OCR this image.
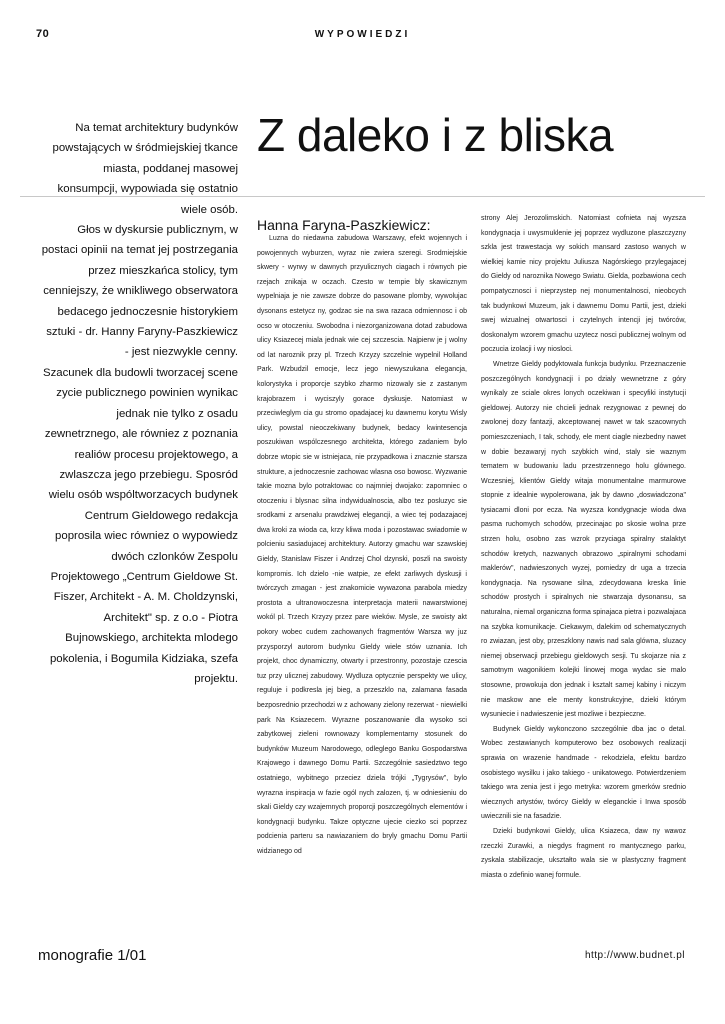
70	WYPOWIEDZI

Na temat architektury budynków powstających w śródmiejskiej tkance miasta, poddanej masowej konsumpcji, wypowiada się ostatnio wiele osób.

Głos w dyskursie publicznym, w postaci opinii na temat jej postrzegania przez mieszkańca stolicy, tym cenniejszy, że wnikliwego obserwatora bedacego jednoczesnie historykiem sztuki - dr. Hanny Faryny-Paszkiewicz - jest niezwykle cenny.

Szacunek dla budowli tworzacej scene zycie publicznego powinien wynikac jednak nie tylko z osadu zewnetrznego, ale równiez z poznania realiów procesu projektowego, a zwlaszcza jego przebiegu. Sposród wielu osób wspóltworzacych budynek Centrum Gieldowego redakcja poprosila wiec równiez o wypowiedz dwóch czlonków Zespolu Projektowego „Centrum Gieldowe St. Fiszer, Architekt - A. M. Choldzynski, Architekt" sp. z o.o - Piotra Bujnowskiego, architekta mlodego pokolenia, i Bogumila Kidziaka, szefa projektu.

Z daleko i z bliska
Hanna Faryna-Paszkiewicz:

Luzna do niedawna zabudowa Warszawy, efekt wojennych i powojennych wyburzen, wyraz nie zwiera szeregi. Srodmiejskie skwery - wyrwy w dawnych przyulicznych ciagach i równych pie rzejach znikaja w oczach. Czesto w tempie bly skawicznym wypelniaja je nie zawsze dobrze do pasowane plomby, wywolujac dysonans estetycz ny, godzac sie na swa razaca odmiennosc i ob ocso w otoczeniu. Swobodna i niezorganizowana dotad zabudowa ulicy Ksiazecej miala jednak wie cej szczescia. Najpierw je j wolny od lat naroznik przy pl. Trzech Krzyzy szczelnie wypelnil Holland Park. Wzbudzil emocje, lecz jego niewyszukana elegancja, kolorystyka i proporcje szybko zharmo nizowaly sie z zastanym krajobrazem i wyciszyly gorace dyskusje. Natomiast w przeciwleglym cia gu stromo opadajacej ku dawnemu korytu Wisly ulicy, powstal nieoczekiwany budynek, bedacy kwintesencja poszukiwan wspólczesnego architekta, którego zadaniem bylo dobrze wtopic sie w istniejaca, nie przypadkowa i znacznie starsza strukture, a jednoczesnie zachowac wlasna oso bowosc. Wyzwanie takie mozna bylo potraktowac co najmniej dwojako: zapomniec o otoczeniu i blysnac silna indywidualnoscia, albo tez posluzyc sie srodkami z arsenalu prawdziwej elegancji, a wiec tej podazajacej dwa kroki za wioda ca, krzy kliwa moda i pozostawac swiadomie w polcieniu sasiadujacej architektury. Autorzy gmachu war szawskiej Gieldy, Stanislaw Fiszer i Andrzej Chol dzynski, poszli na swoisty kompromis. Ich dzielo -nie watpie, ze efekt zarliwych dyskusji i twórczych zmagan - jest znakomicie wywazona parabola miedzy prostota a ultranowoczesna interpretacja materii nawarstwionej wokól pl. Trzech Krzyzy przez pare wieków. Mysle, ze swoisty akt pokory wobec cudem zachowanych fragmentów Warsza wy juz przysporzyl autorom budynku Gieldy wiele stów uznania. Ich projekt, choc dynamiczny, otwarty i przestronny, pozostaje czescia tuz przy ulicznej zabudowy. Wydluza optycznie perspekty we ulicy, reguluje i podkresla jej bieg, a przeszklo na, zalamana fasada bezposrednio przechodzi w z achowany zielony rezerwat - niewielki park Na Ksiazecem. Wyrazne poszanowanie dla wysoko sci zabytkowej zieleni rownowazy komplementarny stosunek do budynków Muzeum Narodowego, odleglego Banku Gospodarstwa Krajowego i dawnego Domu Partii. Szczególnie sasiedztwo tego ostatniego, wybitnego przeciez dziela trójki „Tygrysów", bylo wyrazna inspiracja w fazie ogól nych zalozen, tj. w odniesieniu do skali Gieldy czy wzajemnych proporcji poszczególnych elementów i kondygnacji budynku. Takze optyczne ujecie ciezko sci poprzez podcienia parteru sa nawiazaniem do bryly gmachu Domu Partii widzianego od

strony Alej Jerozolimskich. Natomiast cofnieta naj wyzsza kondygnacja i uwysmuklenie jej poprzez wydluzone plaszczyzny szkla jest trawestacja wy sokich mansard zastoso wanych w wielkiej kamie nicy projektu Juliusza Nagórskiego przylegajacej do Gieldy od naroznika Nowego Swiatu. Gielda, pozbawiona cech pompatycznosci i nieprzystep nej monumentalnosci, nieobcych tak budynkowi Muzeum, jak i dawnemu Domu Partii, jest, dzieki swej wizualnej otwartosci i czytelnych intencji jej twórców, doskonalym wzorem gmachu uzytecz nosci publicznej wolnym od poczucia izolacji i wy niosloci.

Wnetrze Gieldy podyktowala funkcja budynku. Przeznaczenie poszczególnych kondygnacji i po dzialy wewnetrzne z góry wynikaly ze sciale okres lonych oczekiwan i specyfiki instytucji gieldowej. Autorzy nie chcieli jednak rezygnowac z pewnej do zwolonej dozy fantazji, akceptowanej nawet w tak szacownych pomieszczeniach, I tak, schody, ele ment ciagle niezbedny nawet w dobie bezawaryj nych szybkich wind, staly sie waznym tematem w budowaniu ladu przestrzennego holu glównego. Wczesniej, klientów Gieldy witaja monumentalne marmurowe stopnie z idealnie wypolerowana, jak by dawno „doswiadczona" tysiacami dloni por ecza. Na wyzsza kondygnacje wioda dwa pasma ruchomych schodów, przecinajac po skosie wolna prze strzen holu, osobno zas wzrok przyciaga spiralny stalaktyt schodów kretych, nazwanych obrazowo „spiralnymi schodami maklerów", nadwieszonych wyzej, pomiedzy dr uga a trzecia kondygnacja. Na rysowane silna, zdecydowana kreska linie schodów prostych i spiralnych nie stwarzaja dysonansu, sa naturalna, niemal organiczna forma spinajaca pietra i pozwalajaca na szybka komunikacje. Ciekawym, dalekim od schematycznych ro zwiazan, jest oby, przeszklony nawis nad sala glówna, sluzacy niemej obserwacji przebiegu gieldowych sesji. Tu skojarze nia z samotnym wagonikiem kolejki linowej moga wydac sie malo stosowne, prowokuja don jednak i ksztalt samej kabiny i niczym nie maskow ane ele menty konstrukcyjne, dzieki którym wysuniecie i nadwieszenie jest mozliwe i bezpieczne.

Budynek Gieldy wykonczono szczególnie dba jac o detal. Wobec zestawianych komputerowo bez osobowych realizacji sprawia on wrazenie handmade - rekodziela, efektu bardzo osobistego wysilku i jako takiego - unikatowego. Potwierdzeniem takiego wra zenia jest i jego metryka: wzorem gmerków srednio wiecznych artystów, twórcy Gieldy w eleganckie i Inwa sposób uwiecznili sie na fasadzie.

Dzieki budynkowi Gieldy, ulica Ksiazeca, daw ny wawoz rzeczki Zurawki, a niegdys fragment ro mantycznego parku, zyskala stabilizacje, ukształto wala sie w plastyczny fragment miasta o zdefinio wanej formule.

monografie 1/01	http://www.budnet.pl
